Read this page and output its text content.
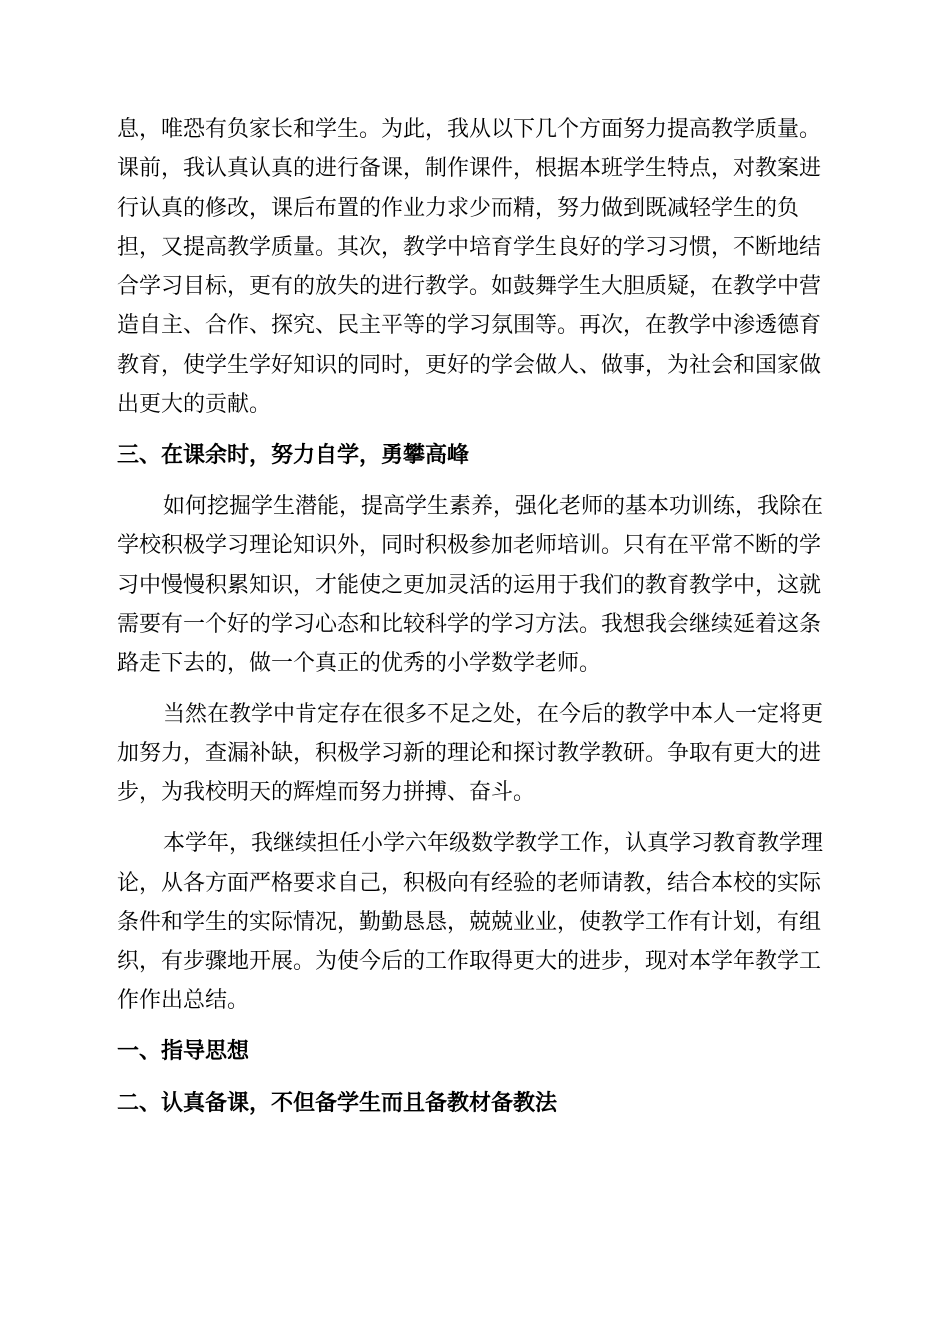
息，唯恐有负家长和学生。为此，我从以下几个方面努力提高教学质量。

课前，我认真认真的进行备课，制作课件，根据本班学生特点，对教案进

行认真的修改，课后布置的作业力求少而精，努力做到既减轻学生的负

担，又提高教学质量。其次，教学中培育学生良好的学习习惯，不断地结

合学习目标，更有的放失的进行教学。如鼓舞学生大胆质疑，在教学中营

造自主、合作、探究、民主平等的学习氛围等。再次，在教学中渗透德育

教育，使学生学好知识的同时，更好的学会做人、做事，为社会和国家做

出更大的贡献。

三、在课余时，努力自学，勇攀高峰

如何挖掘学生潜能，提高学生素养，强化老师的基本功训练，我除在

学校积极学习理论知识外，同时积极参加老师培训。只有在平常不断的学

习中慢慢积累知识，才能使之更加灵活的运用于我们的教育教学中，这就

需要有一个好的学习心态和比较科学的学习方法。我想我会继续延着这条

路走下去的，做一个真正的优秀的小学数学老师。

当然在教学中肯定存在很多不足之处，在今后的教学中本人一定将更

加努力，查漏补缺，积极学习新的理论和探讨教学教研。争取有更大的进

步，为我校明天的辉煌而努力拼搏、奋斗。

本学年，我继续担任小学六年级数学教学工作，认真学习教育教学理

论，从各方面严格要求自己，积极向有经验的老师请教，结合本校的实际

条件和学生的实际情况，勤勤恳恳，兢兢业业，使教学工作有计划，有组

织，有步骤地开展。为使今后的工作取得更大的进步，现对本学年教学工

作作出总结。

一、指导思想

二、认真备课，不但备学生而且备教材备教法
